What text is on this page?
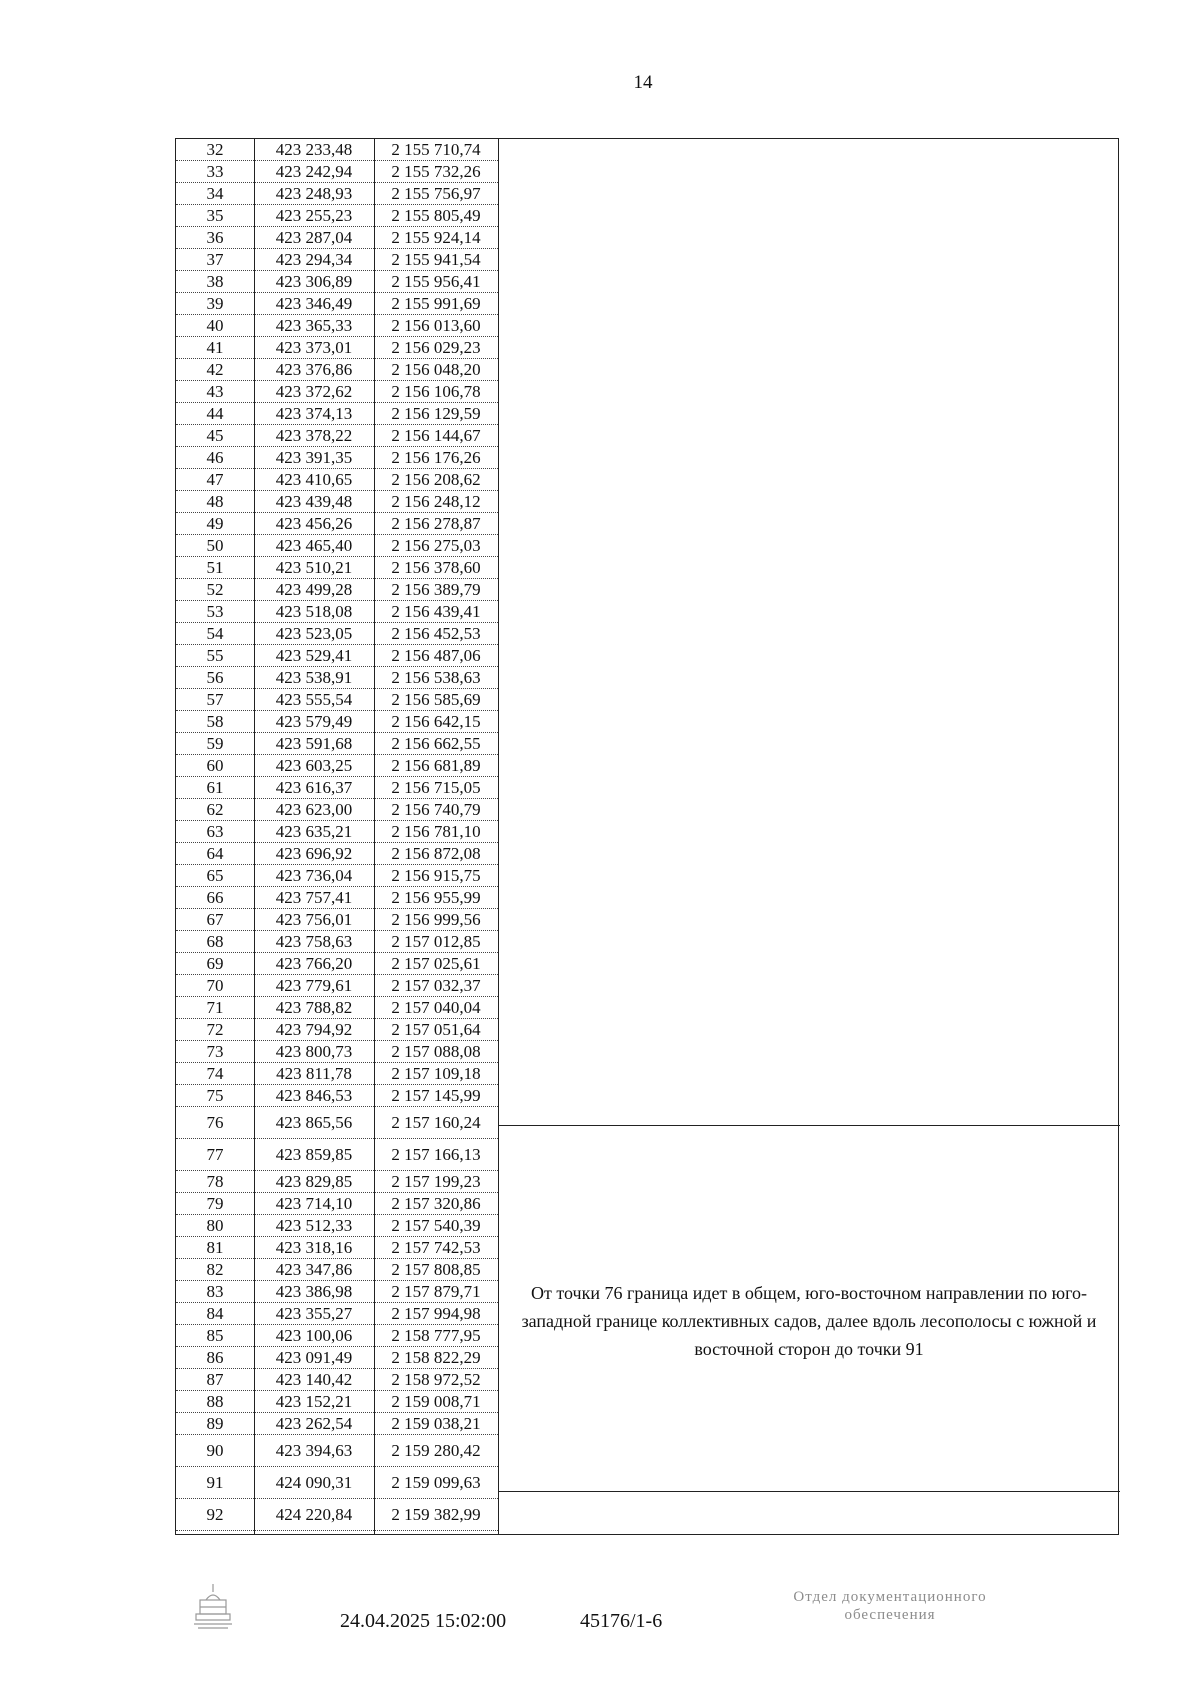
14
32
33
34
35
36
37
38
39
40
41
42
43
44
45
46
47
48
49
50
51
52
53
54
55
56
57
58
59
60
61
62
63
64
65
66
67
68
69
70
71
72
73
74
75
76
77
78
79
80
81
82
83
84
85
86
87
88
89
90
91
92
423 233,48
423 242,94
423 248,93
423 255,23
423 287,04
423 294,34
423 306,89
423 346,49
423 365,33
423 373,01
423 376,86
423 372,62
423 374,13
423 378,22
423 391,35
423 410,65
423 439,48
423 456,26
423 465,40
423 510,21
423 499,28
423 518,08
423 523,05
423 529,41
423 538,91
423 555,54
423 579,49
423 591,68
423 603,25
423 616,37
423 623,00
423 635,21
423 696,92
423 736,04
423 757,41
423 756,01
423 758,63
423 766,20
423 779,61
423 788,82
423 794,92
423 800,73
423 811,78
423 846,53
423 865,56
423 859,85
423 829,85
423 714,10
423 512,33
423 318,16
423 347,86
423 386,98
423 355,27
423 100,06
423 091,49
423 140,42
423 152,21
423 262,54
423 394,63
424 090,31
424 220,84
2 155 710,74
2 155 732,26
2 155 756,97
2 155 805,49
2 155 924,14
2 155 941,54
2 155 956,41
2 155 991,69
2 156 013,60
2 156 029,23
2 156 048,20
2 156 106,78
2 156 129,59
2 156 144,67
2 156 176,26
2 156 208,62
2 156 248,12
2 156 278,87
2 156 275,03
2 156 378,60
2 156 389,79
2 156 439,41
2 156 452,53
2 156 487,06
2 156 538,63
2 156 585,69
2 156 642,15
2 156 662,55
2 156 681,89
2 156 715,05
2 156 740,79
2 156 781,10
2 156 872,08
2 156 915,75
2 156 955,99
2 156 999,56
2 157 012,85
2 157 025,61
2 157 032,37
2 157 040,04
2 157 051,64
2 157 088,08
2 157 109,18
2 157 145,99
2 157 160,24
2 157 166,13
2 157 199,23
2 157 320,86
2 157 540,39
2 157 742,53
2 157 808,85
2 157 879,71
2 157 994,98
2 158 777,95
2 158 822,29
2 158 972,52
2 159 008,71
2 159 038,21
2 159 280,42
2 159 099,63
2 159 382,99
От точки 76 граница идет в общем, юго-восточном направлении по юго-западной границе коллективных садов, далее вдоль лесополосы с южной и восточной сторон до точки 91
24.04.2025 15:02:00	45176/1-6
Отдел документационного
обеспечения
